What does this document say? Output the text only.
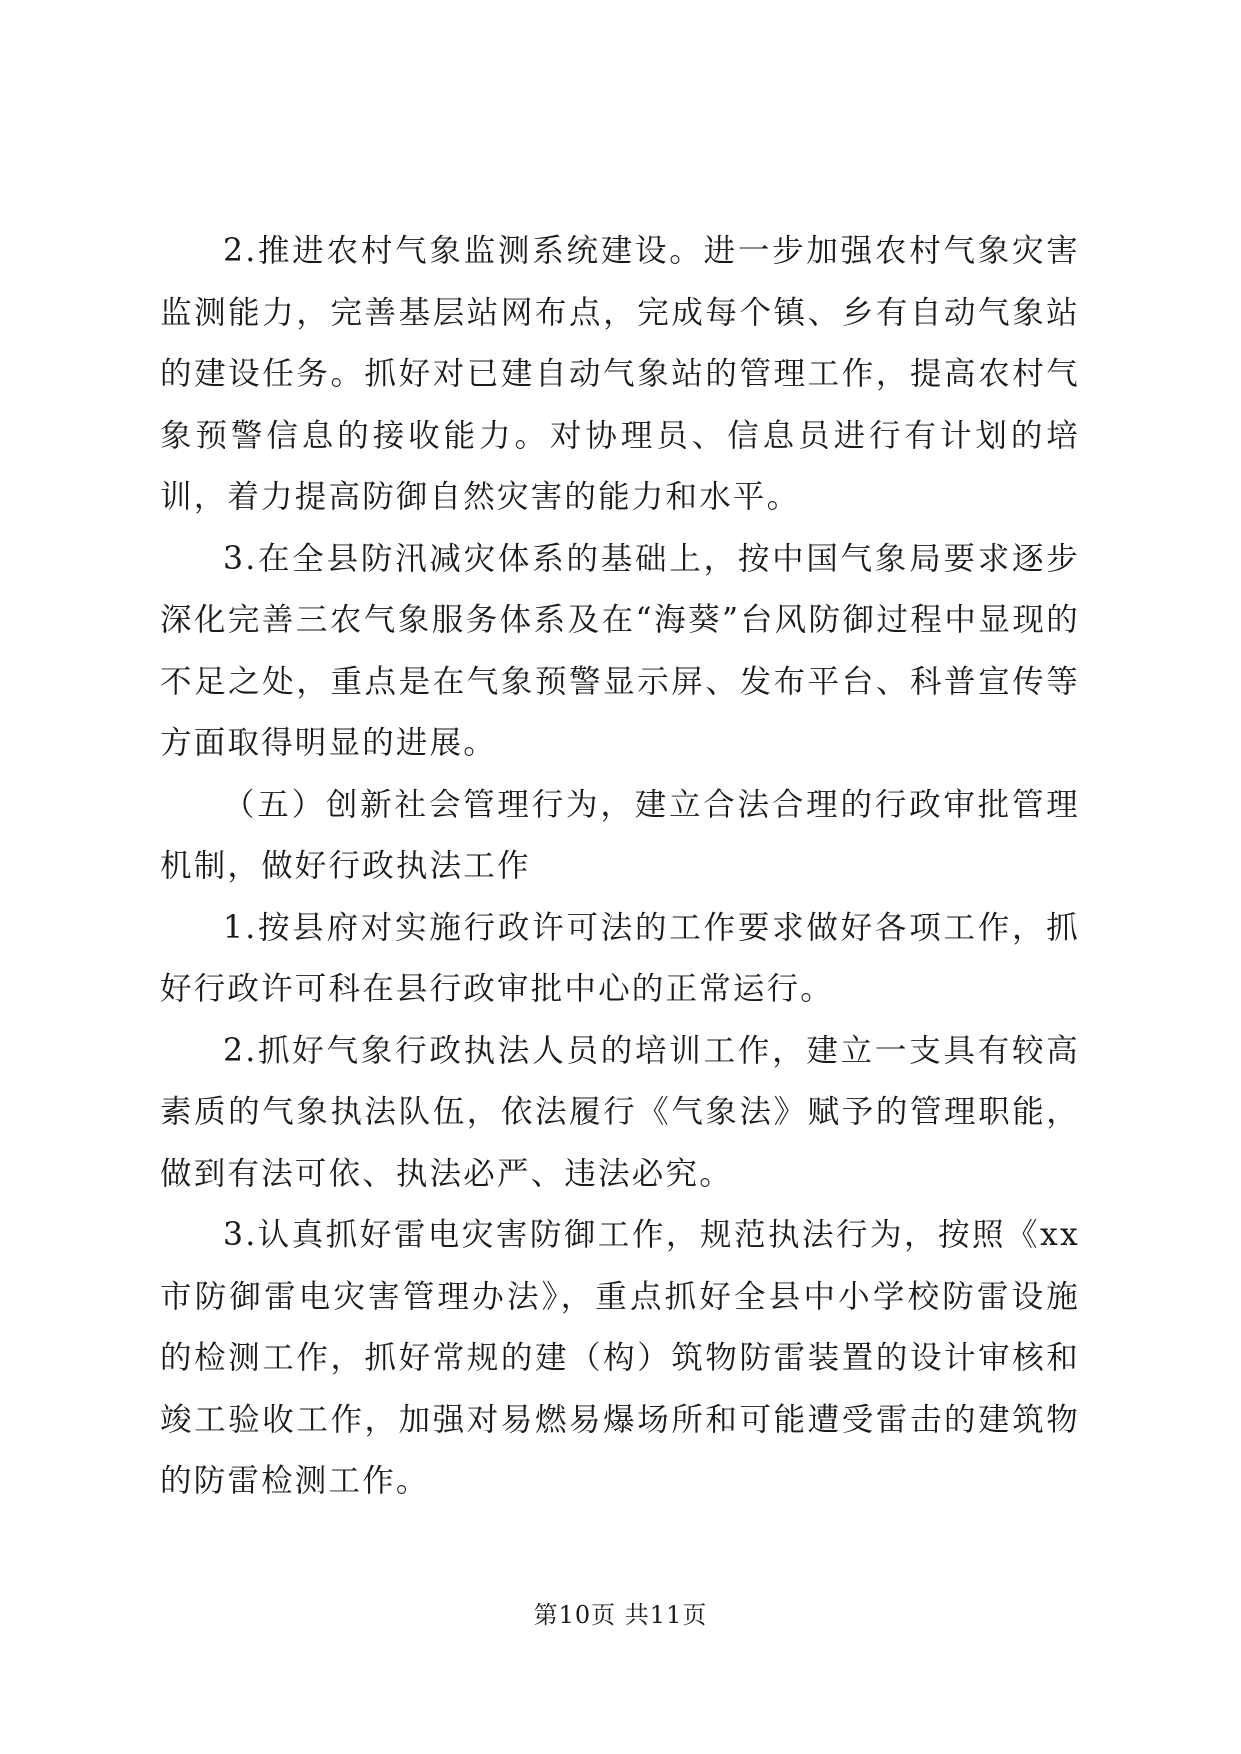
2.推进农村气象监测系统建设。进一步加强农村气象灾害监测能力，完善基层站网布点，完成每个镇、乡有自动气象站的建设任务。抓好对已建自动气象站的管理工作，提高农村气象预警信息的接收能力。对协理员、信息员进行有计划的培训，着力提高防御自然灾害的能力和水平。

3.在全县防汛减灾体系的基础上，按中国气象局要求逐步深化完善三农气象服务体系及在“海葵”台风防御过程中显现的不足之处，重点是在气象预警显示屏、发布平台、科普宣传等方面取得明显的进展。

（五）创新社会管理行为，建立合法合理的行政审批管理机制，做好行政执法工作

1.按县府对实施行政许可法的工作要求做好各项工作，抓好行政许可科在县行政审批中心的正常运行。

2.抓好气象行政执法人员的培训工作，建立一支具有较高素质的气象执法队伍，依法履行《气象法》赋予的管理职能，做到有法可依、执法必严、违法必究。

3.认真抓好雷电灾害防御工作，规范执法行为，按照《xx市防御雷电灾害管理办法》，重点抓好全县中小学校防雷设施的检测工作，抓好常规的建（构）筑物防雷装置的设计审核和竣工验收工作，加强对易燃易爆场所和可能遭受雷击的建筑物的防雷检测工作。

第10页 共11页
